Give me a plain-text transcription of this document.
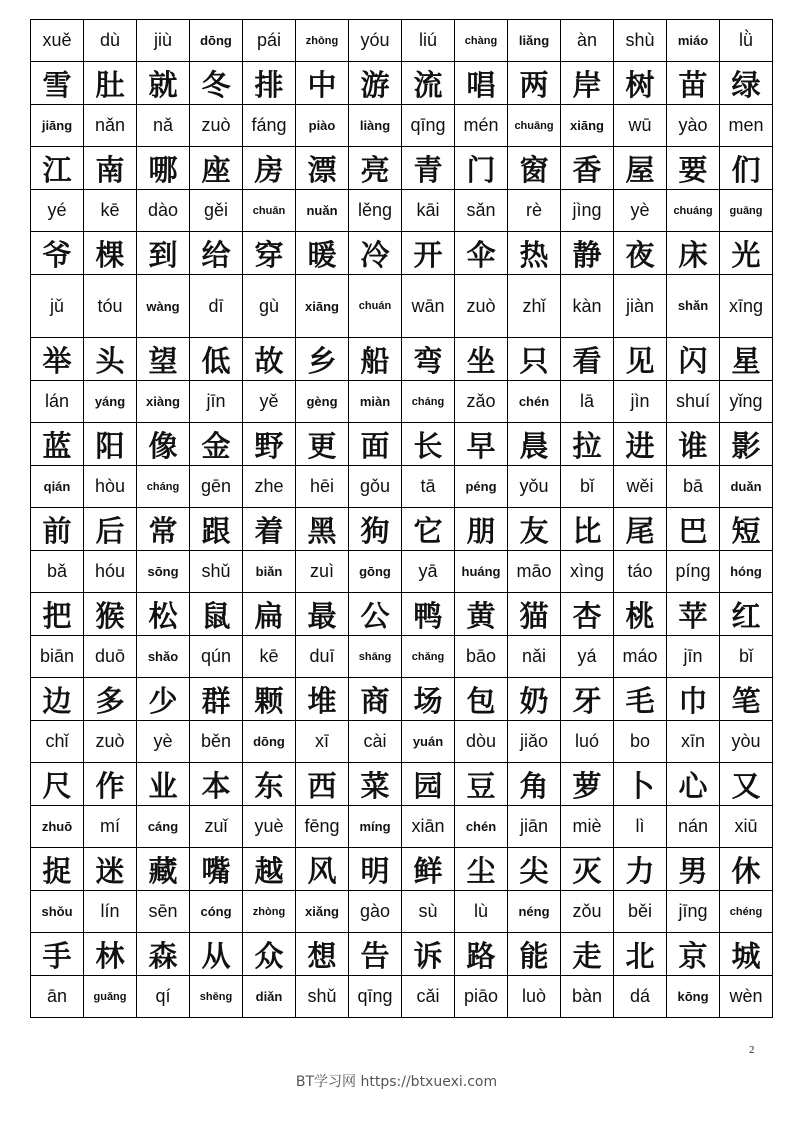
xuě	dù	jiù	dōng	pái	zhōng	yóu	liú	chàng	liǎng	àn	shù	miáo	lǜ
雪	肚	就	冬	排	中	游	流	唱	两	岸	树	苗	绿
jiāng	nǎn	nǎ	zuò	fáng	piào	liàng	qīng	mén	chuāng	xiāng	wū	yào	men
江	南	哪	座	房	漂	亮	青	门	窗	香	屋	要	们
yé	kē	dào	gěi	chuān	nuǎn	lěng	kāi	sǎn	rè	jìng	yè	chuáng	guāng
爷	棵	到	给	穿	暖	冷	开	伞	热	静	夜	床	光
jǔ	tóu	wàng	dī	gù	xiāng	chuán	wān	zuò	zhǐ	kàn	jiàn	shǎn	xīng
举	头	望	低	故	乡	船	弯	坐	只	看	见	闪	星
lán	yáng	xiàng	jīn	yě	gèng	miàn	cháng	zǎo	chén	lā	jìn	shuí	yǐng
蓝	阳	像	金	野	更	面	长	早	晨	拉	进	谁	影
qián	hòu	cháng	gēn	zhe	hēi	gǒu	tā	péng	yǒu	bǐ	wěi	bā	duǎn
前	后	常	跟	着	黑	狗	它	朋	友	比	尾	巴	短
bǎ	hóu	sōng	shǔ	biǎn	zuì	gōng	yā	huáng	māo	xìng	táo	píng	hóng
把	猴	松	鼠	扁	最	公	鸭	黄	猫	杏	桃	苹	红
biān	duō	shǎo	qún	kē	duī	shāng	chǎng	bāo	nǎi	yá	máo	jīn	bǐ
边	多	少	群	颗	堆	商	场	包	奶	牙	毛	巾	笔
chǐ	zuò	yè	běn	dōng	xī	cài	yuán	dòu	jiǎo	luó	bo	xīn	yòu
尺	作	业	本	东	西	菜	园	豆	角	萝	卜	心	又
zhuō	mí	cáng	zuǐ	yuè	fēng	míng	xiān	chén	jiān	miè	lì	nán	xiū
捉	迷	藏	嘴	越	风	明	鲜	尘	尖	灭	力	男	休
shǒu	lín	sēn	cóng	zhòng	xiǎng	gào	sù	lù	néng	zǒu	běi	jīng	chéng
手	林	森	从	众	想	告	诉	路	能	走	北	京	城
ān	guǎng	qí	shēng	diǎn	shǔ	qīng	cǎi	piāo	luò	bàn	dá	kōng	wèn
2
BT学习网 https://btxuexi.com
